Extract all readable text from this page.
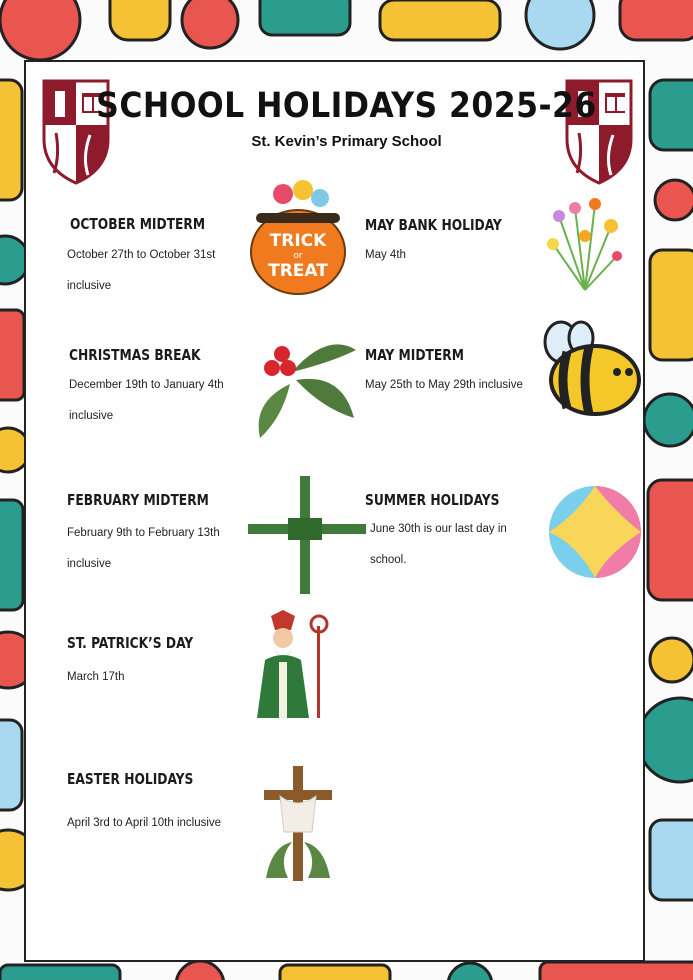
SCHOOL HOLIDAYS 2025-26
St. Kevin’s Primary School
OCTOBER MIDTERM
October 27th to October 31st inclusive
CHRISTMAS BREAK
December 19th to January 4th inclusive
FEBRUARY MIDTERM
February 9th to February 13th inclusive
ST. PATRICK’S DAY
March 17th
EASTER HOLIDAYS
April 3rd to April 10th inclusive
MAY BANK HOLIDAY
May 4th
MAY MIDTERM
May 25th to May 29th inclusive
SUMMER HOLIDAYS
June 30th is our last day in school.
TRICK
or
TREAT
